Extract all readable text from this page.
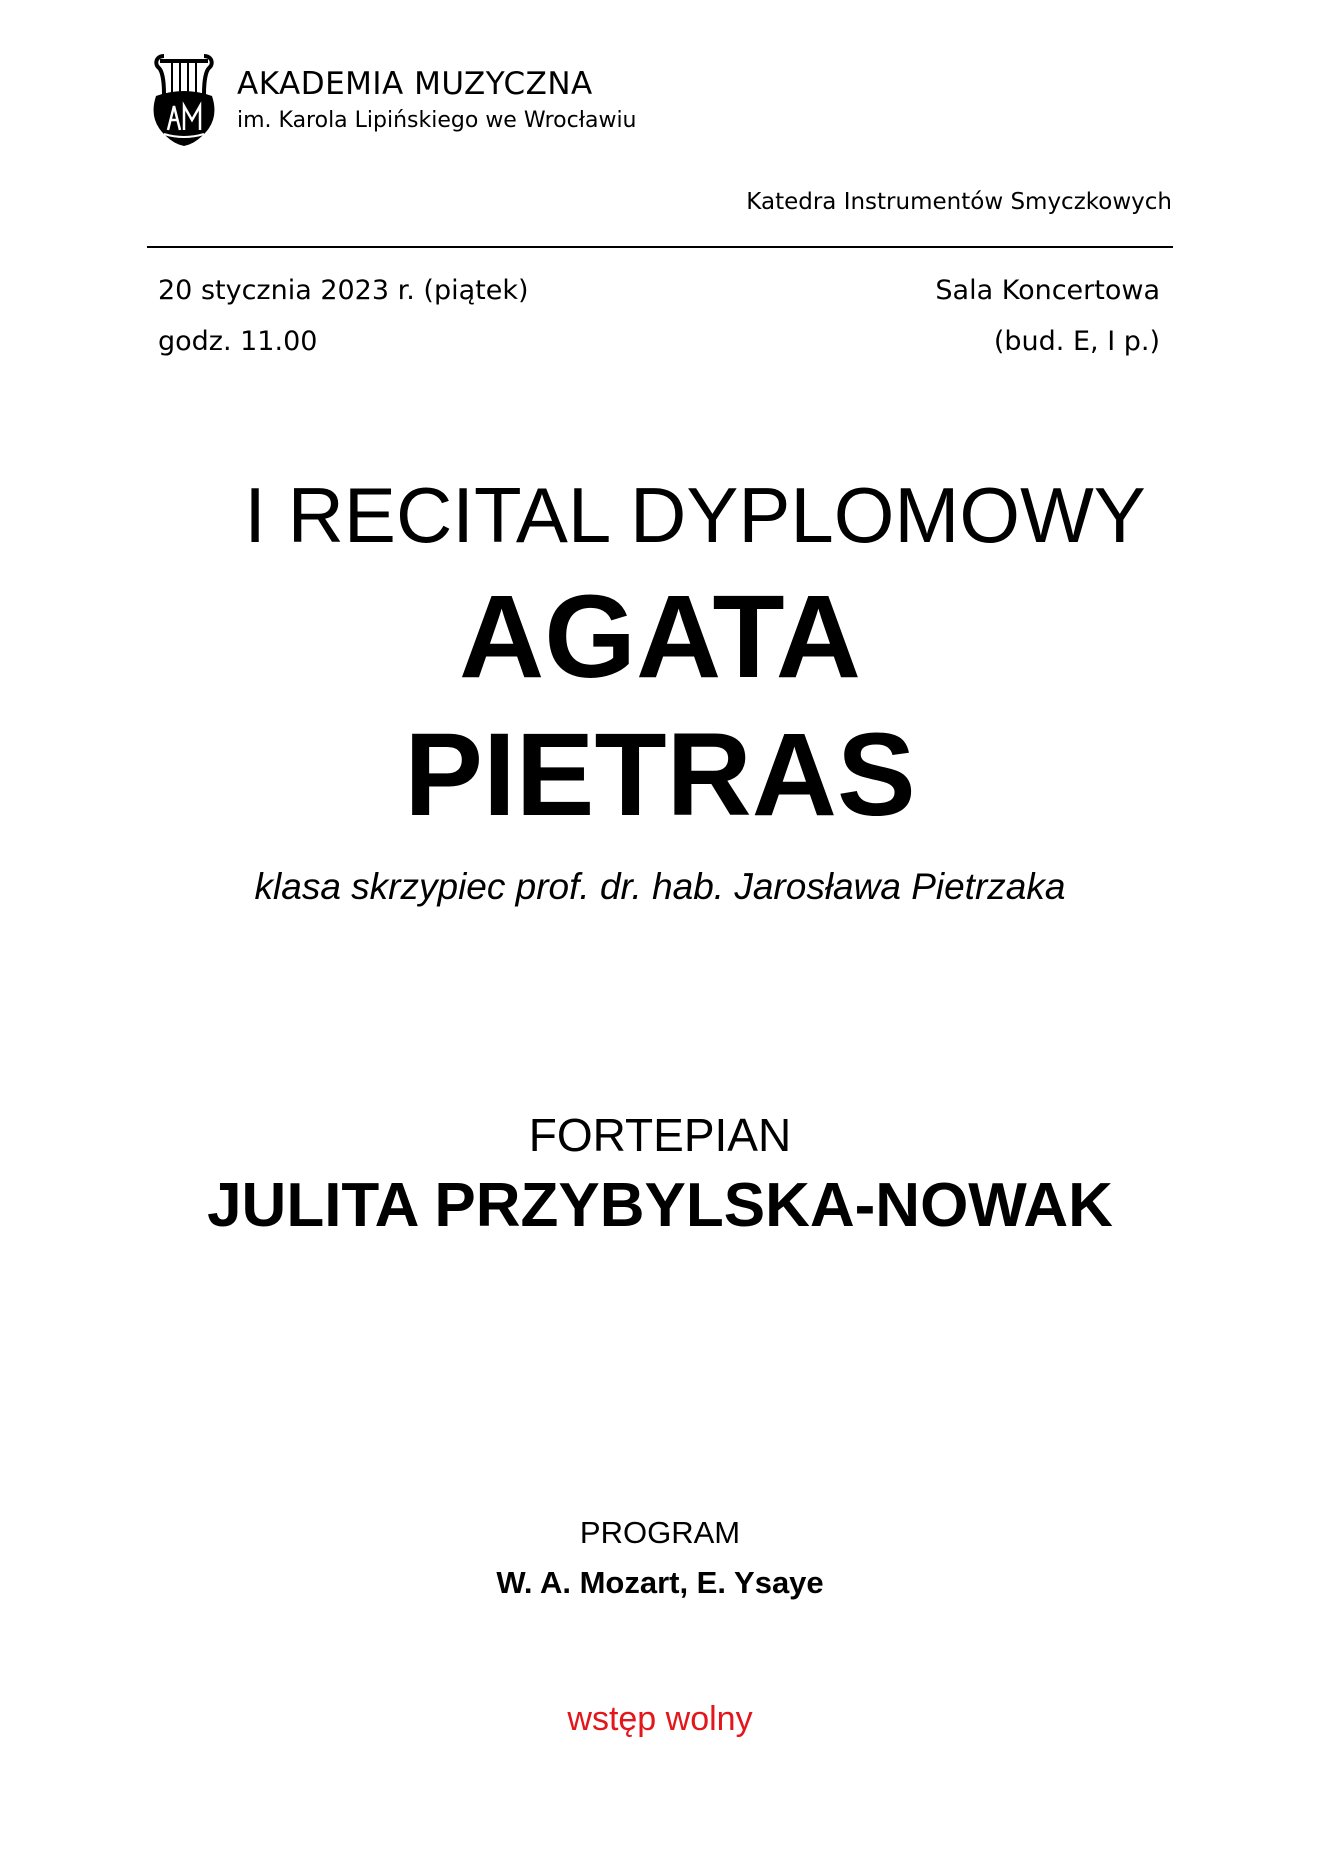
AKADEMIA MUZYCZNA
im. Karola Lipińskiego we Wrocławiu
Katedra Instrumentów Smyczkowych
20 stycznia 2023 r. (piątek)
godz. 11.00
Sala Koncertowa
(bud. E, I p.)
I RECITAL DYPLOMOWY
AGATA
PIETRAS
klasa skrzypiec prof. dr. hab. Jarosława Pietrzaka
FORTEPIAN
JULITA PRZYBYLSKA-NOWAK
PROGRAM
W. A. Mozart, E. Ysaye
wstęp wolny
